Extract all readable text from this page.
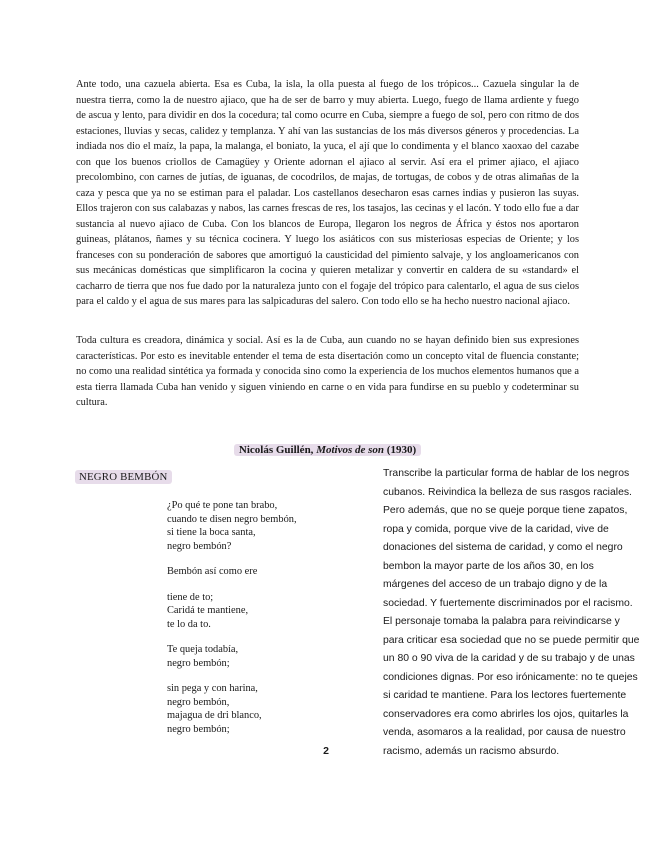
Ante todo, una cazuela abierta. Esa es Cuba, la isla, la olla puesta al fuego de los trópicos... Cazuela singular la de nuestra tierra, como la de nuestro ajiaco, que ha de ser de barro y muy abierta. Luego, fuego de llama ardiente y fuego de ascua y lento, para dividir en dos la cocedura; tal como ocurre en Cuba, siempre a fuego de sol, pero con ritmo de dos estaciones, lluvias y secas, calidez y templanza. Y ahí van las sustancias de los más diversos géneros y procedencias. La indiada nos dio el maíz, la papa, la malanga, el boniato, la yuca, el ají que lo condimenta y el blanco xaoxao del cazabe con que los buenos criollos de Camagüey y Oriente adornan el ajiaco al servir. Así era el primer ajiaco, el ajiaco precolombino, con carnes de jutías, de iguanas, de cocodrilos, de majas, de tortugas, de cobos y de otras alimañas de la caza y pesca que ya no se estiman para el paladar. Los castellanos desecharon esas carnes indias y pusieron las suyas. Ellos trajeron con sus calabazas y nabos, las carnes frescas de res, los tasajos, las cecinas y el lacón. Y todo ello fue a dar sustancia al nuevo ajiaco de Cuba. Con los blancos de Europa, llegaron los negros de África y éstos nos aportaron guineas, plátanos, ñames y su técnica cocinera. Y luego los asiáticos con sus misteriosas especias de Oriente; y los franceses con su ponderación de sabores que amortiguó la causticidad del pimiento salvaje, y los angloamericanos con sus mecánicas domésticas que simplificaron la cocina y quieren metalizar y convertir en caldera de su «standard» el cacharro de tierra que nos fue dado por la naturaleza junto con el fogaje del trópico para calentarlo, el agua de sus cielos para el caldo y el agua de sus mares para las salpicaduras del salero. Con todo ello se ha hecho nuestro nacional ajiaco.

Toda cultura es creadora, dinámica y social. Así es la de Cuba, aun cuando no se hayan definido bien sus expresiones características. Por esto es inevitable entender el tema de esta disertación como un concepto vital de fluencia constante; no como una realidad sintética ya formada y conocida sino como la experiencia de los muchos elementos humanos que a esta tierra llamada Cuba han venido y siguen viniendo en carne o en vida para fundirse en su pueblo y codeterminar su cultura.

Nicolás Guillén, Motivos de son (1930)
NEGRO BEMBÓN
¿Po qué te pone tan brabo,
cuando te disen negro bembón,
si tiene la boca santa,
negro bembón?
Bembón así como ere
tiene de to;
Caridá te mantiene,
te lo da to.
Te queja todabía,
negro bembón;
sin pega y con harina,
negro bembón,
majagua de dri blanco,
negro bembón;
2

Transcribe la particular forma de hablar de los negros cubanos. Reivindica la belleza de sus rasgos raciales. Pero además, que no se queje porque tiene zapatos, ropa y comida, porque vive de la caridad, vive de donaciones del sistema de caridad, y como el negro bembon la mayor parte de los años 30, en los márgenes del acceso de un trabajo digno y de la sociedad. Y fuertemente discriminados por el racismo. El personaje tomaba la palabra para reivindicarse y para criticar esa sociedad que no se puede permitir que un 80 o 90 viva de la caridad y de su trabajo y de unas condiciones dignas. Por eso irónicamente: no te quejes si caridad te mantiene. Para los lectores fuertemente conservadores era como abrirles los ojos, quitarles la venda, asomaros a la realidad, por causa de nuestro racismo, además un racismo absurdo.
